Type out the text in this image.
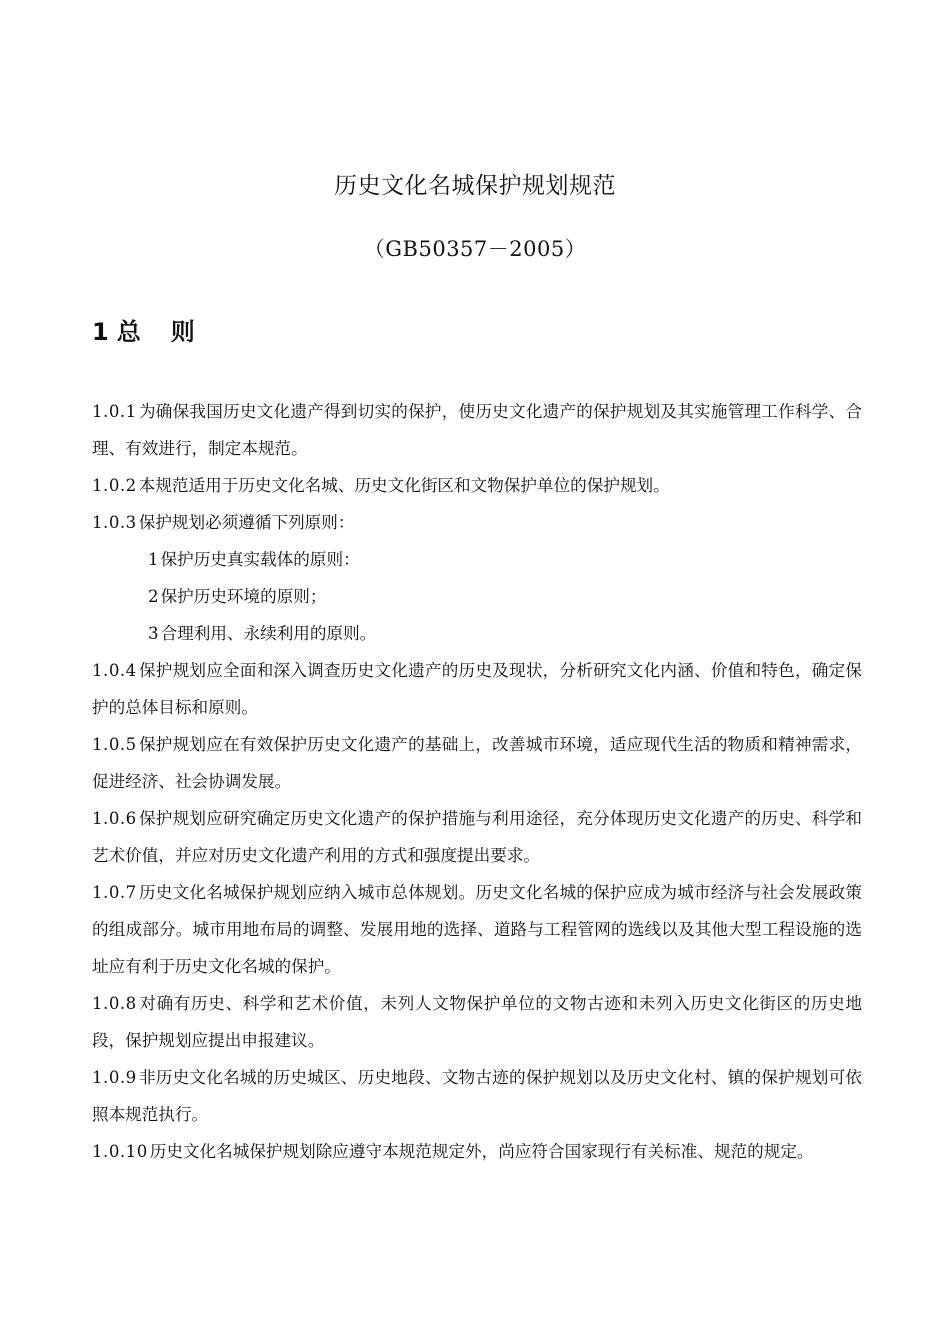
历史文化名城保护规划规范
（GB50357－2005）
1 总 则

1.0.1 为确保我国历史文化遗产得到切实的保护，使历史文化遗产的保护规划及其实施管理工作科学、合理、有效进行，制定本规范。

1.0.2 本规范适用于历史文化名城、历史文化街区和文物保护单位的保护规划。

1.0.3 保护规划必须遵循下列原则：

1 保护历史真实载体的原则：

2 保护历史环境的原则；

3 合理利用、永续利用的原则。

1.0.4 保护规划应全面和深入调查历史文化遗产的历史及现状，分析研究文化内涵、价值和特色，确定保护的总体目标和原则。

1.0.5 保护规划应在有效保护历史文化遗产的基础上，改善城市环境，适应现代生活的物质和精神需求，促进经济、社会协调发展。

1.0.6 保护规划应研究确定历史文化遗产的保护措施与利用途径，充分体现历史文化遗产的历史、科学和艺术价值，并应对历史文化遗产利用的方式和强度提出要求。

1.0.7 历史文化名城保护规划应纳入城市总体规划。历史文化名城的保护应成为城市经济与社会发展政策的组成部分。城市用地布局的调整、发展用地的选择、道路与工程管网的选线以及其他大型工程设施的选址应有利于历史文化名城的保护。

1.0.8 对确有历史、科学和艺术价值，未列人文物保护单位的文物古迹和未列入历史文化街区的历史地段，保护规划应提出申报建议。

1.0.9 非历史文化名城的历史城区、历史地段、文物古迹的保护规划以及历史文化村、镇的保护规划可依照本规范执行。

1.0.10 历史文化名城保护规划除应遵守本规范规定外，尚应符合国家现行有关标准、规范的规定。
